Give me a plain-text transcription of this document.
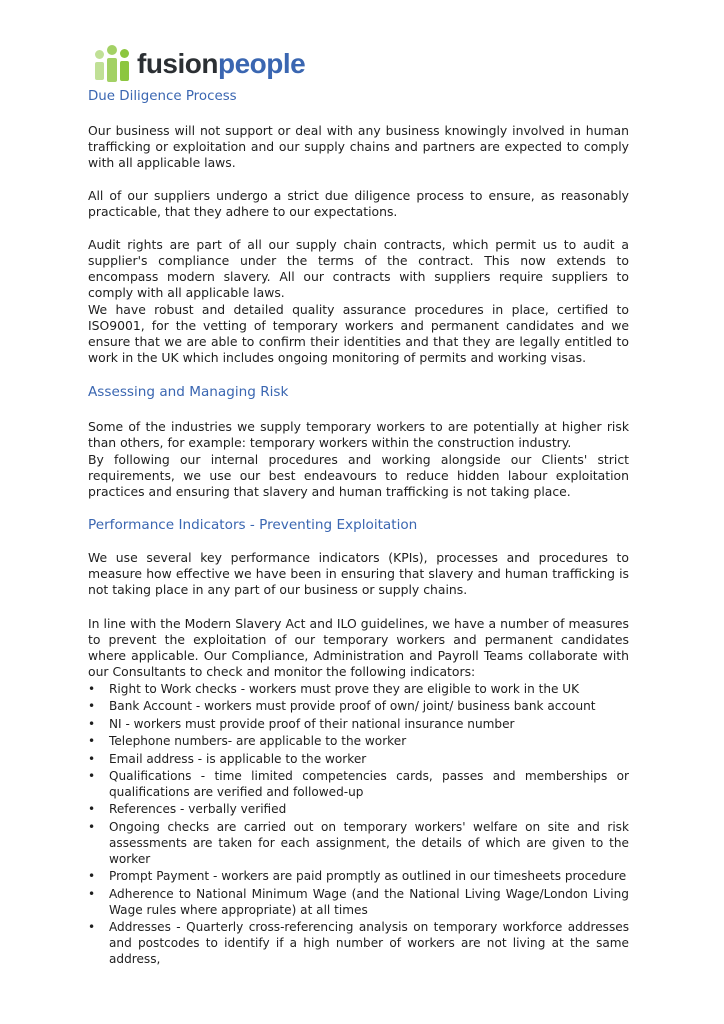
fusion people
Due Diligence Process

Our business will not support or deal with any business knowingly involved in human trafficking or exploitation and our supply chains and partners are expected to comply with all applicable laws.

All of our suppliers undergo a strict due diligence process to ensure, as reasonably practicable, that they adhere to our expectations.

Audit rights are part of all our supply chain contracts, which permit us to audit a supplier's compliance under the terms of the contract. This now extends to encompass modern slavery. All our contracts with suppliers require suppliers to comply with all applicable laws.

We have robust and detailed quality assurance procedures in place, certified to ISO9001, for the vetting of temporary workers and permanent candidates and we ensure that we are able to confirm their identities and that they are legally entitled to work in the UK which includes ongoing monitoring of permits and working visas.

Assessing and Managing Risk

Some of the industries we supply temporary workers to are potentially at higher risk than others, for example: temporary workers within the construction industry.

By following our internal procedures and working alongside our Clients' strict requirements, we use our best endeavours to reduce hidden labour exploitation practices and ensuring that slavery and human trafficking is not taking place.

Performance Indicators - Preventing Exploitation

We use several key performance indicators (KPIs), processes and procedures to measure how effective we have been in ensuring that slavery and human trafficking is not taking place in any part of our business or supply chains.

In line with the Modern Slavery Act and ILO guidelines, we have a number of measures to prevent the exploitation of our temporary workers and permanent candidates where applicable. Our Compliance, Administration and Payroll Teams collaborate with our Consultants to check and monitor the following indicators:

• Right to Work checks - workers must prove they are eligible to work in the UK
• Bank Account - workers must provide proof of own/ joint/ business bank account
• NI - workers must provide proof of their national insurance number
• Telephone numbers- are applicable to the worker
• Email address - is applicable to the worker
• Qualifications - time limited competencies cards, passes and memberships or qualifications are verified and followed-up
• References - verbally verified
• Ongoing checks are carried out on temporary workers' welfare on site and risk assessments are taken for each assignment, the details of which are given to the worker
• Prompt Payment - workers are paid promptly as outlined in our timesheets procedure
• Adherence to National Minimum Wage (and the National Living Wage/London Living Wage rules where appropriate) at all times
• Addresses - Quarterly cross-referencing analysis on temporary workforce addresses and postcodes to identify if a high number of workers are not living at the same address,
